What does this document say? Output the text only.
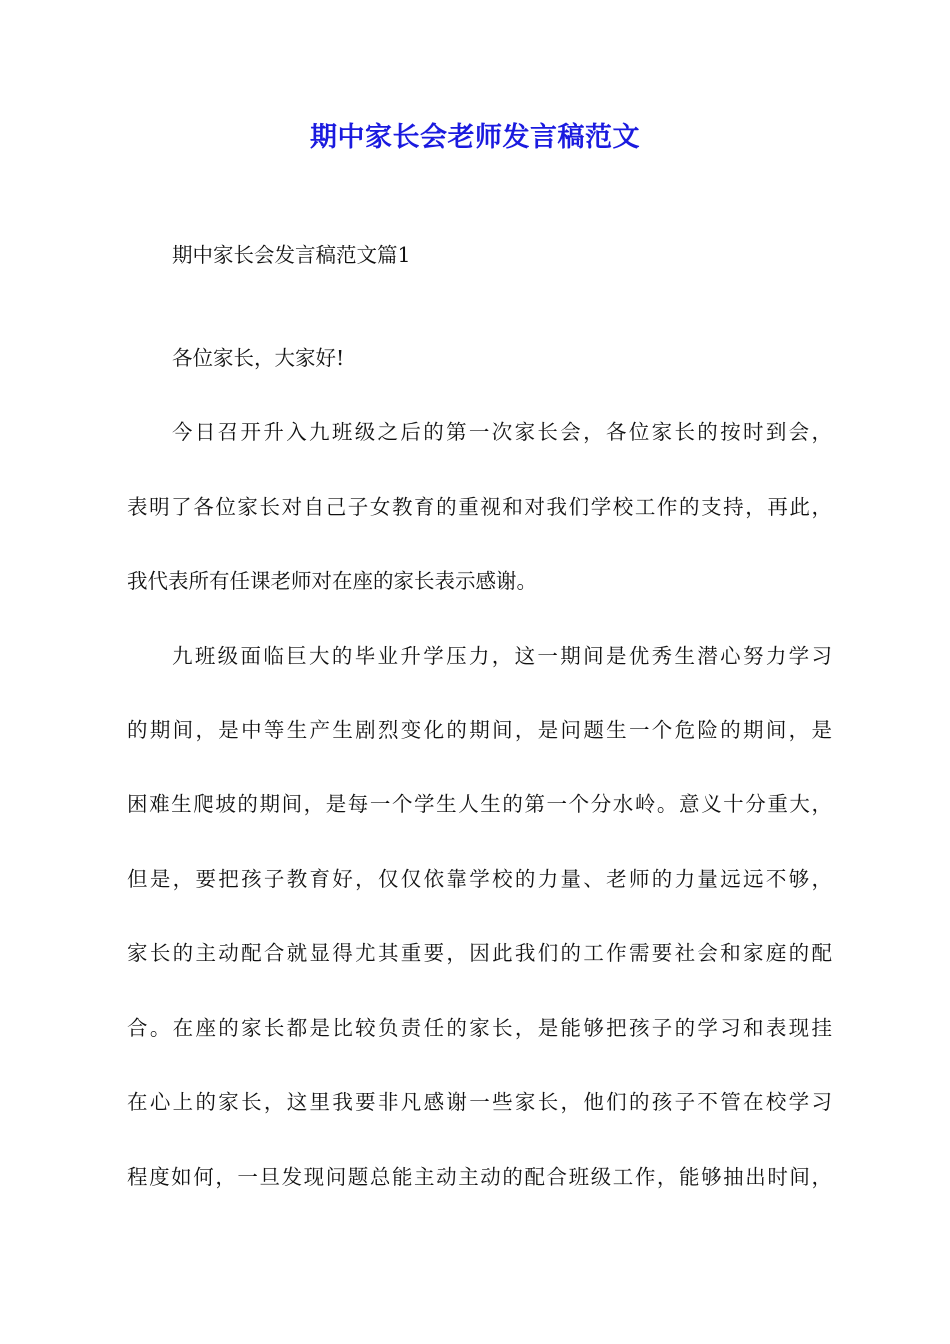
期中家长会老师发言稿范文
期中家长会发言稿范文篇1
各位家长，大家好!
今日召开升入九班级之后的第一次家长会，各位家长的按时到会，
表明了各位家长对自己子女教育的重视和对我们学校工作的支持，再此，
我代表所有任课老师对在座的家长表示感谢。
九班级面临巨大的毕业升学压力，这一期间是优秀生潜心努力学习
的期间，是中等生产生剧烈变化的期间，是问题生一个危险的期间，是
困难生爬坡的期间，是每一个学生人生的第一个分水岭。意义十分重大，
但是，要把孩子教育好，仅仅依靠学校的力量、老师的力量远远不够，
家长的主动配合就显得尤其重要，因此我们的工作需要社会和家庭的配
合。在座的家长都是比较负责任的家长，是能够把孩子的学习和表现挂
在心上的家长，这里我要非凡感谢一些家长，他们的孩子不管在校学习
程度如何，一旦发现问题总能主动主动的配合班级工作，能够抽出时间，
